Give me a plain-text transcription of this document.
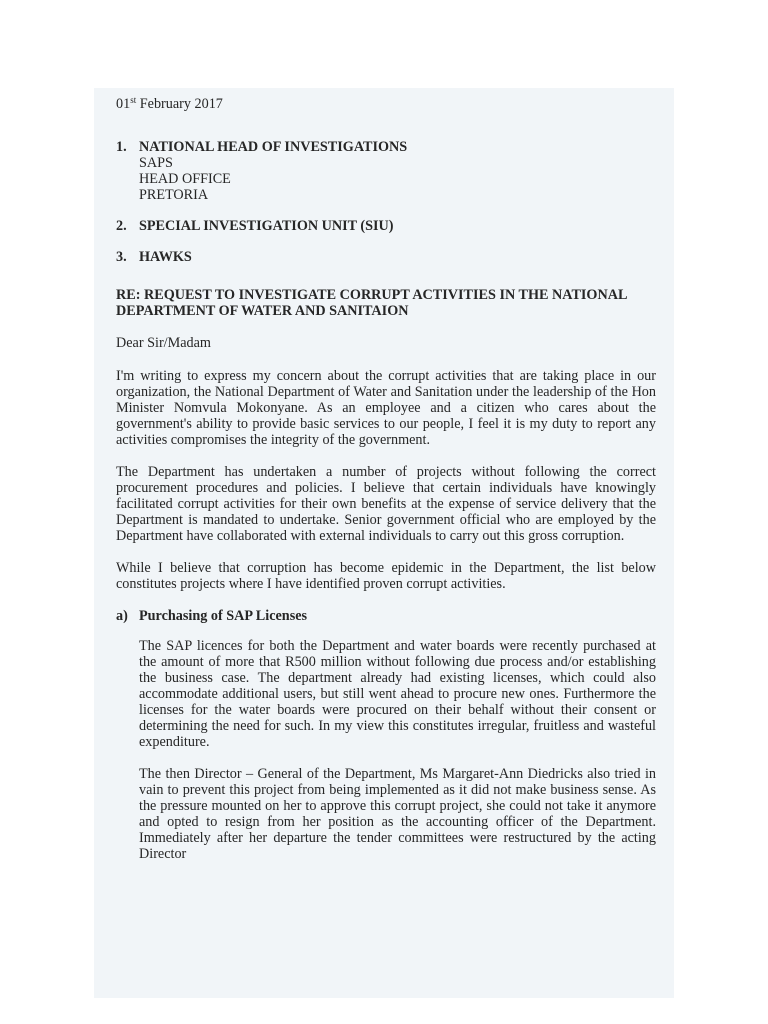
01st February 2017
1. NATIONAL HEAD OF INVESTIGATIONS
SAPS
HEAD OFFICE
PRETORIA
2. SPECIAL INVESTIGATION UNIT (SIU)
3. HAWKS
RE: REQUEST TO INVESTIGATE CORRUPT ACTIVITIES IN THE NATIONAL DEPARTMENT OF WATER AND SANITAION
Dear Sir/Madam

I'm writing to express my concern about the corrupt activities that are taking place in our organization, the National Department of Water and Sanitation under the leadership of the Hon Minister Nomvula Mokonyane. As an employee and a citizen who cares about the government's ability to provide basic services to our people, I feel it is my duty to report any activities compromises the integrity of the government.

The Department has undertaken a number of projects without following the correct procurement procedures and policies. I believe that certain individuals have knowingly facilitated corrupt activities for their own benefits at the expense of service delivery that the Department is mandated to undertake. Senior government official who are employed by the Department have collaborated with external individuals to carry out this gross corruption.

While I believe that corruption has become epidemic in the Department, the list below constitutes projects where I have identified proven corrupt activities.

a) Purchasing of SAP Licenses

The SAP licences for both the Department and water boards were recently purchased at the amount of more that R500 million without following due process and/or establishing the business case. The department already had existing licenses, which could also accommodate additional users, but still went ahead to procure new ones. Furthermore the licenses for the water boards were procured on their behalf without their consent or determining the need for such. In my view this constitutes irregular, fruitless and wasteful expenditure.

The then Director – General of the Department, Ms Margaret-Ann Diedricks also tried in vain to prevent this project from being implemented as it did not make business sense. As the pressure mounted on her to approve this corrupt project, she could not take it anymore and opted to resign from her position as the accounting officer of the Department. Immediately after her departure the tender committees were restructured by the acting Director
